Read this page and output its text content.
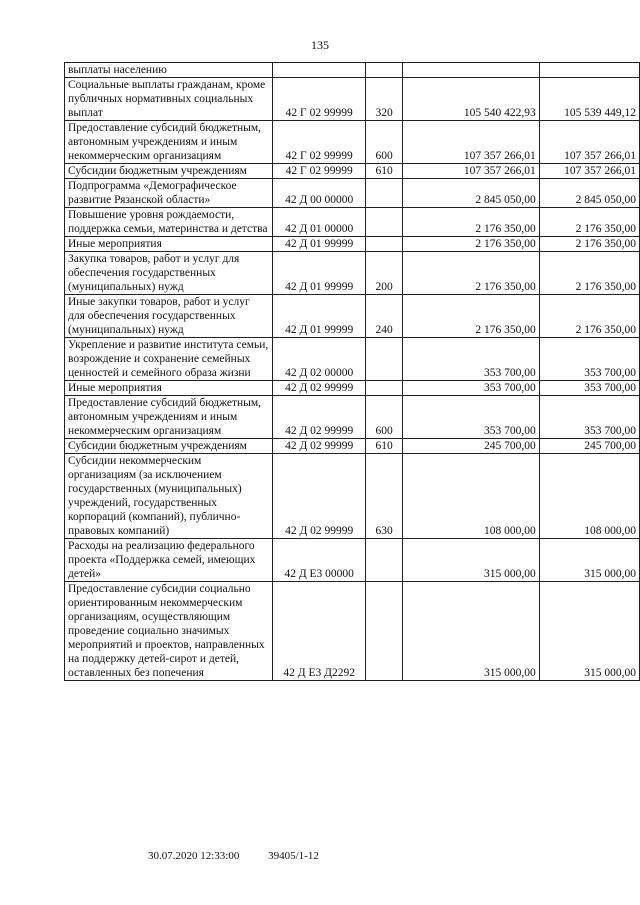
135
выплаты населению				
Социальные выплаты гражданам, кроме публичных нормативных социальных выплат	42 Г 02 99999	320	105 540 422,93	105 539 449,12
Предоставление субсидий бюджетным, автономным учреждениям и иным некоммерческим организациям	42 Г 02 99999	600	107 357 266,01	107 357 266,01
Субсидии бюджетным учреждениям	42 Г 02 99999	610	107 357 266,01	107 357 266,01
Подпрограмма «Демографическое развитие Рязанской области»	42 Д 00 00000		2 845 050,00	2 845 050,00
Повышение уровня рождаемости, поддержка семьи, материнства и детства	42 Д 01 00000		2 176 350,00	2 176 350,00
Иные мероприятия	42 Д 01 99999		2 176 350,00	2 176 350,00
Закупка товаров, работ и услуг для обеспечения государственных (муниципальных) нужд	42 Д 01 99999	200	2 176 350,00	2 176 350,00
Иные закупки товаров, работ и услуг для обеспечения государственных (муниципальных) нужд	42 Д 01 99999	240	2 176 350,00	2 176 350,00
Укрепление и развитие института семьи, возрождение и сохранение семейных ценностей и семейного образа жизни	42 Д 02 00000		353 700,00	353 700,00
Иные мероприятия	42 Д 02 99999		353 700,00	353 700,00
Предоставление субсидий бюджетным, автономным учреждениям и иным некоммерческим организациям	42 Д 02 99999	600	353 700,00	353 700,00
Субсидии бюджетным учреждениям	42 Д 02 99999	610	245 700,00	245 700,00
Субсидии некоммерческим организациям (за исключением государственных (муниципальных) учреждений, государственных корпораций (компаний), публично-правовых компаний)	42 Д 02 99999	630	108 000,00	108 000,00
Расходы на реализацию федерального проекта «Поддержка семей, имеющих детей»	42 Д Е3 00000		315 000,00	315 000,00
Предоставление субсидии социально ориентированным некоммерческим организациям, осуществляющим проведение социально значимых мероприятий и проектов, направленных на поддержку детей-сирот и детей, оставленных без попечения	42 Д Е3 Д2292		315 000,00	315 000,00
30.07.2020 12:33:00	39405/1-12
